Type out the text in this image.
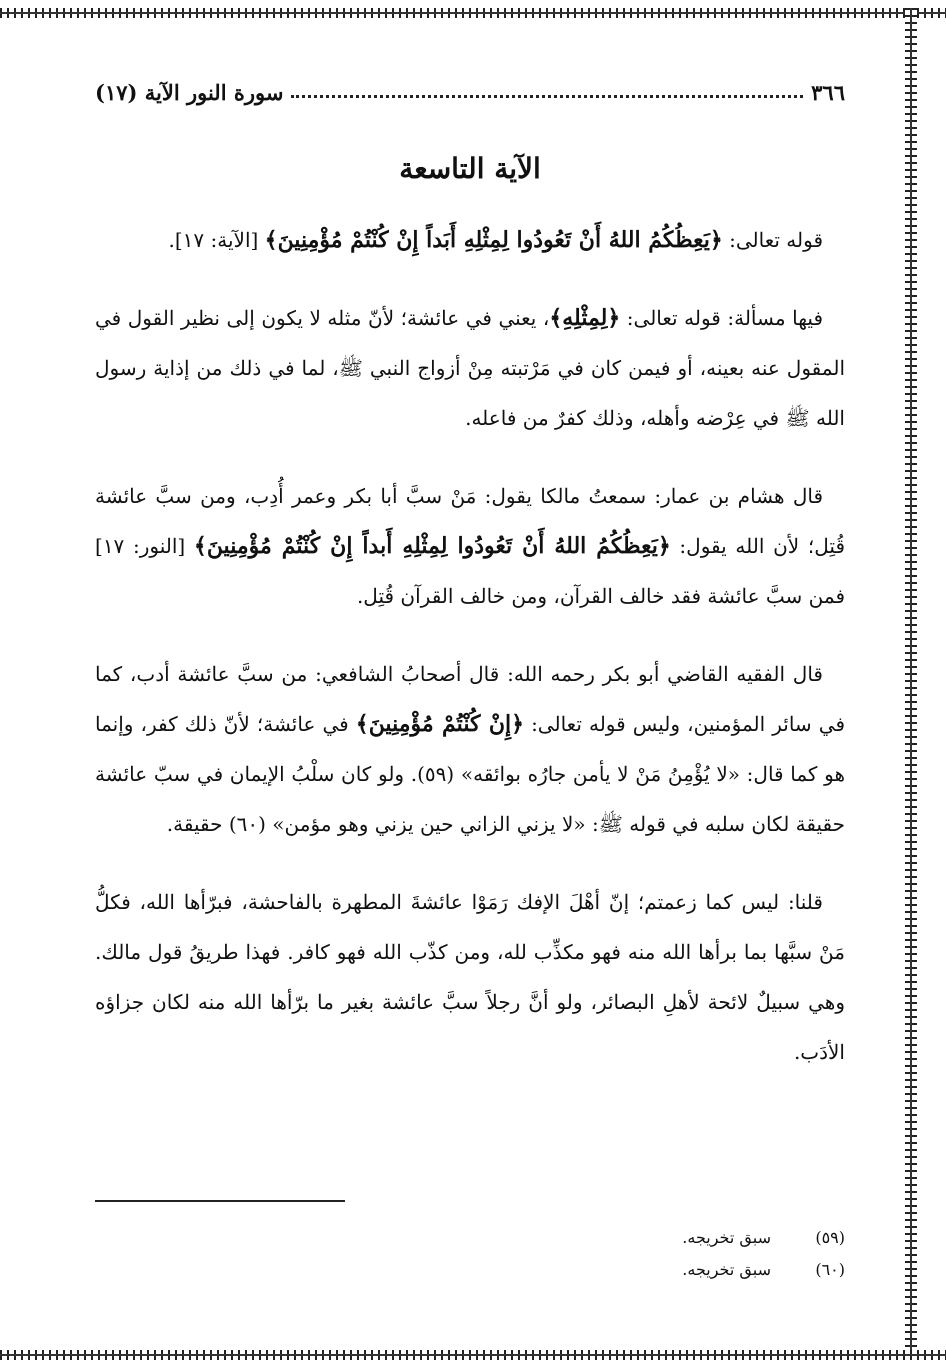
٣٦٦
سورة النور الآية (١٧)
الآية التاسعة

قوله تعالى: ﴿يَعِظُكُمُ اللهُ أَنْ تَعُودُوا لِمِثْلِهِ أَبَداً إِنْ كُنْتُمْ مُؤْمِنِينَ﴾ [الآية: ١٧].

فيها مسألة: قوله تعالى: ﴿لِمِثْلِهِ﴾، يعني في عائشة؛ لأنّ مثله لا يكون إلى نظير القول في المقول عنه بعينه، أو فيمن كان في مَرْتبته مِنْ أزواج النبي ﷺ، لما في ذلك من إذاية رسول الله ﷺ في عِرْضه وأهله، وذلك كفرٌ من فاعله.

قال هشام بن عمار: سمعتُ مالكا يقول: مَنْ سبَّ أبا بكر وعمر أُدِب، ومن سبَّ عائشة قُتِل؛ لأن الله يقول: ﴿يَعِظُكُمُ اللهُ أَنْ تَعُودُوا لِمِثْلِهِ أَبداً إِنْ كُنْتُمْ مُؤْمِنِينَ﴾ [النور: ١٧] فمن سبَّ عائشة فقد خالف القرآن، ومن خالف القرآن قُتِل.

قال الفقيه القاضي أبو بكر رحمه الله: قال أصحابُ الشافعي: من سبَّ عائشة أدب، كما في سائر المؤمنين، وليس قوله تعالى: ﴿إِنْ كُنْتُمْ مُؤْمِنِينَ﴾ في عائشة؛ لأنّ ذلك كفر، وإنما هو كما قال: «لا يُؤْمِنُ مَنْ لا يأمن جارُه بوائقه» (٥٩). ولو كان سلْبُ الإيمان في سبّ عائشة حقيقة لكان سلبه في قوله ﷺ: «لا يزني الزاني حين يزني وهو مؤمن» (٦٠) حقيقة.

قلنا: ليس كما زعمتم؛ إنّ أهْلَ الإفك رَمَوْا عائشةَ المطهرة بالفاحشة، فبرّأها الله، فكلُّ مَنْ سبَّها بما برأها الله منه فهو مكذِّب لله، ومن كذّب الله فهو كافر. فهذا طريقُ قول مالك. وهي سبيلٌ لائحة لأهلِ البصائر، ولو أنَّ رجلاً سبَّ عائشة بغير ما برّأها الله منه لكان جزاؤه الأدَب.

(٥٩)
سبق تخريجه.
(٦٠)
سبق تخريجه.
